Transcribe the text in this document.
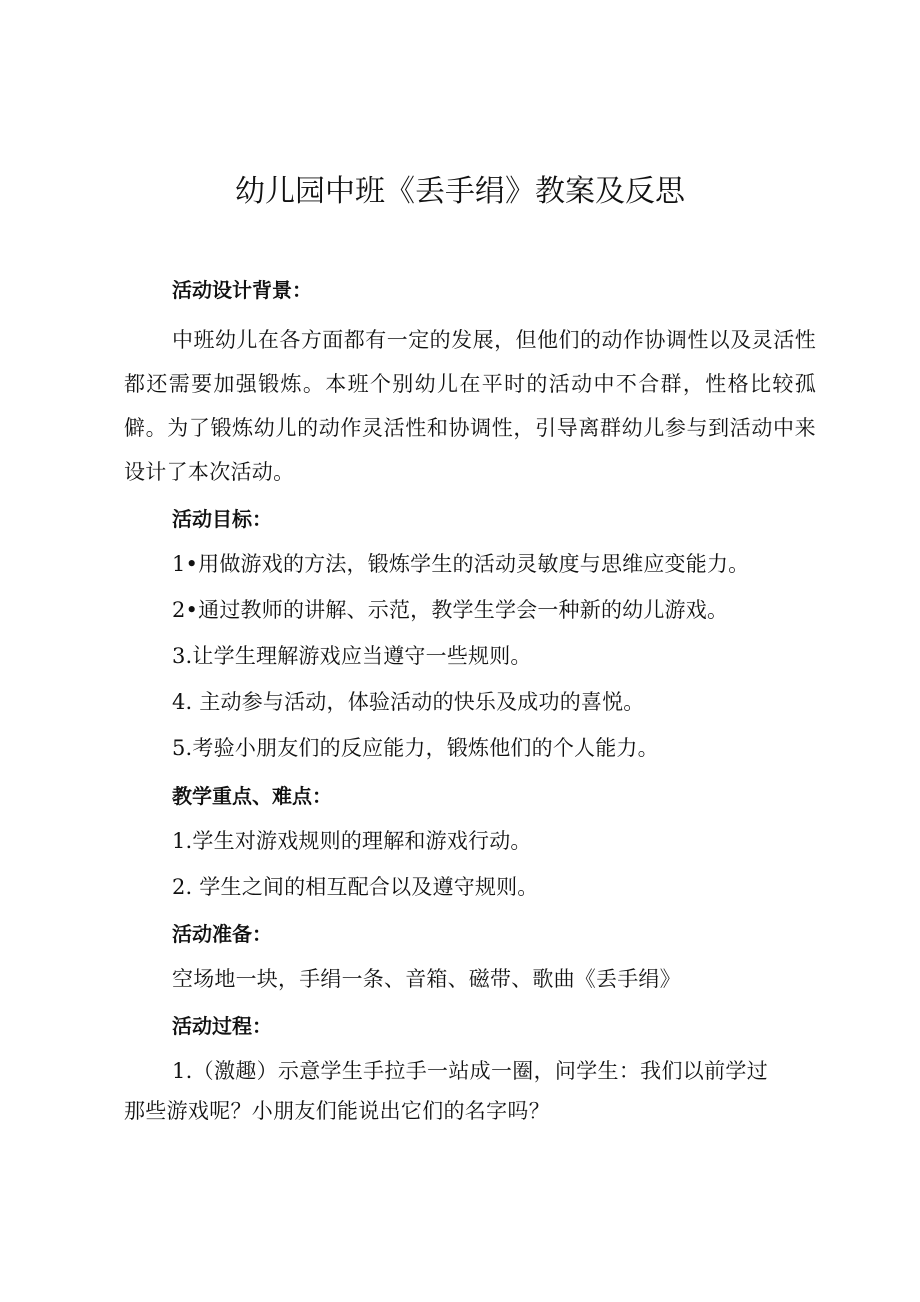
幼儿园中班《丢手绢》教案及反思
活动设计背景：
中班幼儿在各方面都有一定的发展，但他们的动作协调性以及灵活性都还需要加强锻炼。本班个别幼儿在平时的活动中不合群，性格比较孤僻。为了锻炼幼儿的动作灵活性和协调性，引导离群幼儿参与到活动中来设计了本次活动。
活动目标：
1•用做游戏的方法，锻炼学生的活动灵敏度与思维应变能力。
2•通过教师的讲解、示范，教学生学会一种新的幼儿游戏。
3.让学生理解游戏应当遵守一些规则。
4. 主动参与活动，体验活动的快乐及成功的喜悦。
5.考验小朋友们的反应能力，锻炼他们的个人能力。
教学重点、难点：
1.学生对游戏规则的理解和游戏行动。
2. 学生之间的相互配合以及遵守规则。
活动准备：
空场地一块，手绢一条、音箱、磁带、歌曲《丢手绢》
活动过程：
1.（激趣）示意学生手拉手一站成一圈，问学生：我们以前学过那些游戏呢？小朋友们能说出它们的名字吗？
